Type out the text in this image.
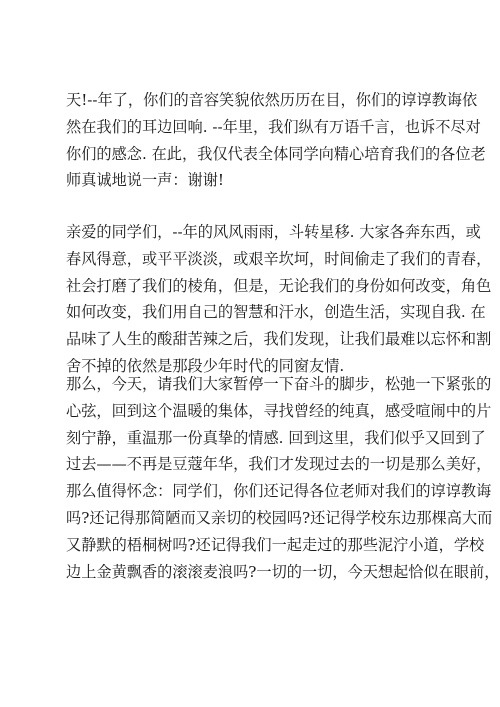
天!--年了，你们的音容笑貌依然历历在目，你们的谆谆教诲依
然在我们的耳边回响. --年里，我们纵有万语千言，也诉不尽对
你们的感念. 在此，我仅代表全体同学向精心培育我们的各位老
师真诚地说一声：谢谢!
亲爱的同学们，--年的风风雨雨，斗转星移. 大家各奔东西，或
春风得意，或平平淡淡，或艰辛坎坷，时间偷走了我们的青春，
社会打磨了我们的棱角，但是，无论我们的身份如何改变，角色
如何改变，我们用自己的智慧和汗水，创造生活，实现自我. 在
品味了人生的酸甜苦辣之后，我们发现，让我们最难以忘怀和割
舍不掉的依然是那段少年时代的同窗友情.
那么，今天，请我们大家暂停一下奋斗的脚步，松弛一下紧张的
心弦，回到这个温暖的集体，寻找曾经的纯真，感受喧闹中的片
刻宁静，重温那一份真挚的情感. 回到这里，我们似乎又回到了
过去——不再是豆蔻年华，我们才发现过去的一切是那么美好，
那么值得怀念：同学们，你们还记得各位老师对我们的谆谆教诲
吗?还记得那简陋而又亲切的校园吗?还记得学校东边那棵高大而
又静默的梧桐树吗?还记得我们一起走过的那些泥泞小道，学校
边上金黄飘香的滚滚麦浪吗?一切的一切，今天想起恰似在眼前，
